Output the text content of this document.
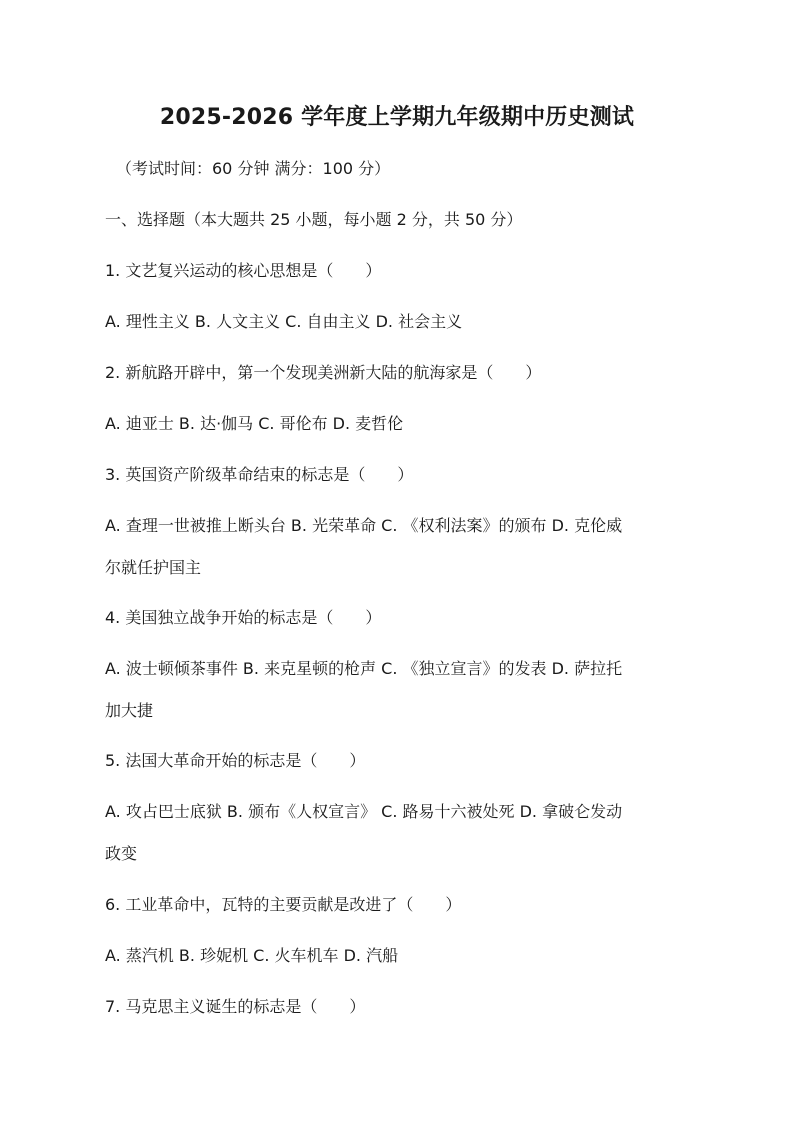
2025-2026 学年度上学期九年级期中历史测试
（考试时间：60 分钟 满分：100 分）
一、选择题（本大题共 25 小题，每小题 2 分，共 50 分）
1. 文艺复兴运动的核心思想是（　　）
A. 理性主义 B. 人文主义 C. 自由主义 D. 社会主义
2. 新航路开辟中，第一个发现美洲新大陆的航海家是（　　）
A. 迪亚士 B. 达·伽马 C. 哥伦布 D. 麦哲伦
3. 英国资产阶级革命结束的标志是（　　）
A. 查理一世被推上断头台 B. 光荣革命 C. 《权利法案》的颁布 D. 克伦威
尔就任护国主
4. 美国独立战争开始的标志是（　　）
A. 波士顿倾茶事件 B. 来克星顿的枪声 C. 《独立宣言》的发表 D. 萨拉托
加大捷
5. 法国大革命开始的标志是（　　）
A. 攻占巴士底狱 B. 颁布《人权宣言》 C. 路易十六被处死 D. 拿破仑发动
政变
6. 工业革命中，瓦特的主要贡献是改进了（　　）
A. 蒸汽机 B. 珍妮机 C. 火车机车 D. 汽船
7. 马克思主义诞生的标志是（　　）
